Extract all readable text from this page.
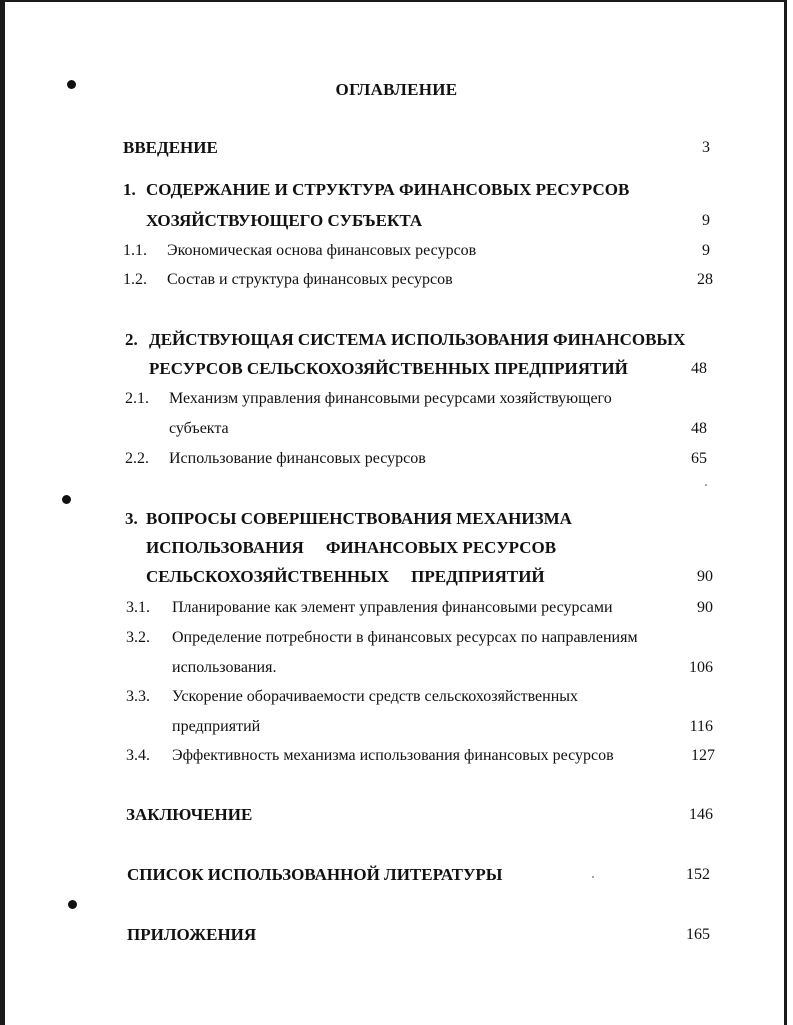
ОГЛАВЛЕНИЕ
ВВЕДЕНИЕ	3
1. СОДЕРЖАНИЕ И СТРУКТУРА ФИНАНСОВЫХ РЕСУРСОВ
ХОЗЯЙСТВУЮЩЕГО СУБЪЕКТА	9
1.1. Экономическая основа финансовых ресурсов	9
1.2. Состав и структура финансовых ресурсов	28
2. ДЕЙСТВУЮЩАЯ СИСТЕМА ИСПОЛЬЗОВАНИЯ ФИНАНСОВЫХ
РЕСУРСОВ СЕЛЬСКОХОЗЯЙСТВЕННЫХ ПРЕДПРИЯТИЙ	48
2.1. Механизм управления финансовыми ресурсами хозяйствующего
субъекта	48
2.2. Использование финансовых ресурсов	65
3. ВОПРОСЫ СОВЕРШЕНСТВОВАНИЯ МЕХАНИЗМА
ИСПОЛЬЗОВАНИЯ ФИНАНСОВЫХ РЕСУРСОВ
СЕЛЬСКОХОЗЯЙСТВЕННЫХ ПРЕДПРИЯТИЙ	90
3.1. Планирование как элемент управления финансовыми ресурсами	90
3.2. Определение потребности в финансовых ресурсах по направлениям
использования.	106
3.3. Ускорение оборачиваемости средств сельскохозяйственных
предприятий	116
3.4. Эффективность механизма использования финансовых ресурсов	127
ЗАКЛЮЧЕНИЕ	146
СПИСОК ИСПОЛЬЗОВАННОЙ ЛИТЕРАТУРЫ	152
ПРИЛОЖЕНИЯ	165
